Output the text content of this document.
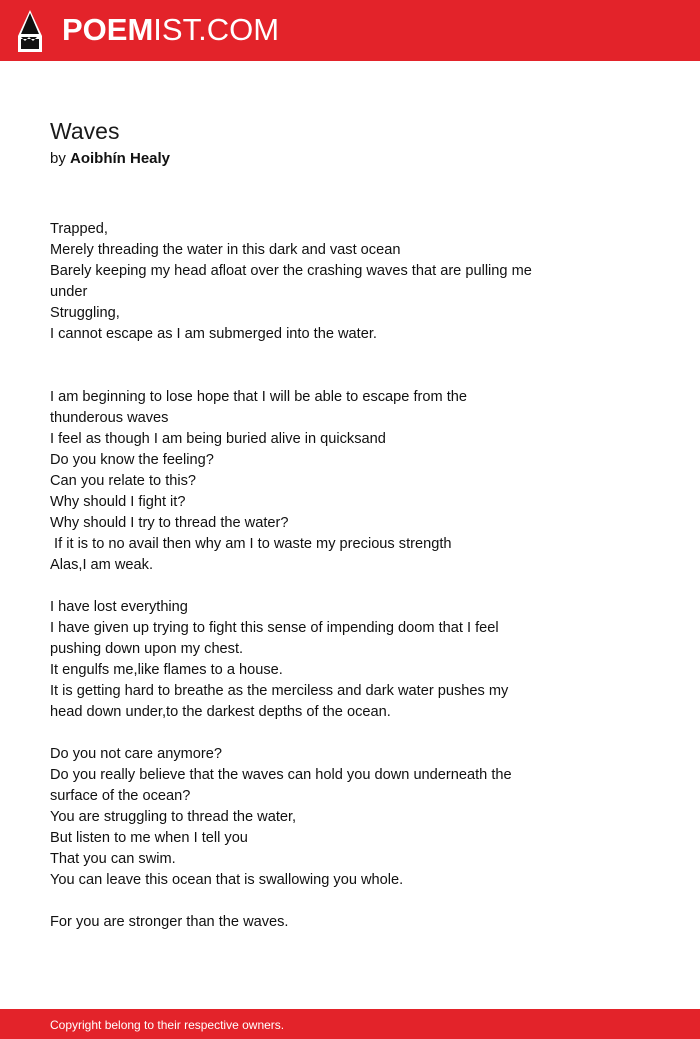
POEMIST.COM
Waves
by Aoibhín Healy
Trapped,
Merely threading the water in this dark and vast ocean
Barely keeping my head afloat over the crashing waves that are pulling me
under
Struggling,
I cannot escape as I am submerged into the water.
I am beginning to lose hope that I will be able to escape from the
thunderous waves
I feel as though I am being buried alive in quicksand
Do you know the feeling?
Can you relate to this?
Why should I fight it?
Why should I try to thread the water?
If it is to no avail then why am I to waste my precious strength
Alas,I am weak.
I have lost everything
I have given up trying to fight this sense of impending doom that I feel
pushing down upon my chest.
It engulfs me,like flames to a house.
It is getting hard to breathe as the merciless and dark water pushes my
head down under,to the darkest depths of the ocean.
Do you not care anymore?
Do you really believe that the waves can hold you down underneath the
surface of the ocean?
You are struggling to thread the water,
But listen to me when I tell you
That you can swim.
You can leave this ocean that is swallowing you whole.
For you are stronger than the waves.
Copyright belong to their respective owners.
